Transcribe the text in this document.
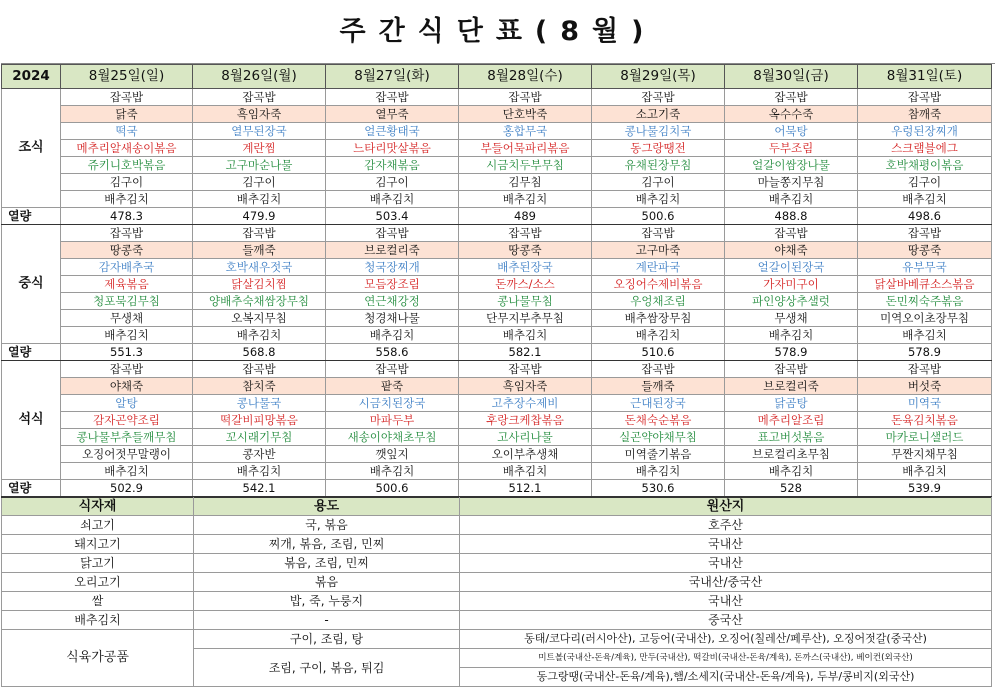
주간식단표(8월)
2024	8월25일(일)	8월26일(월)	8월27일(화)	8월28일(수)	8월29일(목)	8월30일(금)	8월31일(토)
조식	잡곡밥	잡곡밥	잡곡밥	잡곡밥	잡곡밥	잡곡밥	잡곡밥
	닭죽	흑임자죽	열무죽	단호박죽	소고기죽	옥수수죽	참깨죽
	떡국	열무된장국	얼큰황태국	홍합무국	콩나물김치국	어묵탕	우렁된장찌개
	메추리알새송이볶음	계란찜	느타리맛살볶음	부들어묵파리볶음	동그랑땡전	두부조림	스크램블에그
	쥬키니호박볶음	고구마순나물	감자채볶음	시금치두부무침	유채된장무침	얼갈이쌈장나물	호박채평이볶음
	김구이	김구이	김구이	김무침	김구이	마늘쫑지무침	김구이
	배추김치	배추김치	배추김치	배추김치	배추김치	배추김치	배추김치
열량	478.3	479.9	503.4	489	500.6	488.8	498.6
중식	잡곡밥	잡곡밥	잡곡밥	잡곡밥	잡곡밥	잡곡밥	잡곡밥
	땅콩죽	들깨죽	브로컬리죽	땅콩죽	고구마죽	야채죽	땅콩죽
	감자배추국	호박새우젓국	청국장찌개	배추된장국	계란파국	얼갈이된장국	유부무국
	제육볶음	닭살김치찜	모듬장조림	돈까스/소스	오징어수제비볶음	가자미구이	닭살바베큐소스볶음
	청포묵김무침	양배추숙채쌈장무침	연근채강정	콩나물무침	우엉채조림	파인양상추샐럿	돈민찌숙주볶음
	무생채	오복지무침	청경채나물	단무지부추무침	배추쌈장무침	무생채	미역오이초장무침
	배추김치	배추김치	배추김치	배추김치	배추김치	배추김치	배추김치
열량	551.3	568.8	558.6	582.1	510.6	578.9	578.9
석식	잡곡밥	잡곡밥	잡곡밥	잡곡밥	잡곡밥	잡곡밥	잡곡밥
	야채죽	참치죽	팥죽	흑임자죽	들깨죽	브로컬리죽	버섯죽
	알탕	콩나물국	시금치된장국	고추장수제비	근대된장국	닭곰탕	미역국
	감자곤약조림	떡갈비피망볶음	마파두부	후랑크케찹볶음	돈채숙순볶음	메추리알조림	돈육김치볶음
	콩나물부추들깨무침	꼬시래기무침	새송이야채초무침	고사리나물	실곤약야채무침	표고버섯볶음	마카로니샐러드
	오징어젓무말랭이	콩자반	깻잎지	오이부추생채	미역줄기볶음	브로컬리초무침	무짠지채무침
	배추김치	배추김치	배추김치	배추김치	배추김치	배추김치	배추김치
열량	502.9	542.1	500.6	512.1	530.6	528	539.9
식자재	용도	원산지
쇠고기	국, 볶음	호주산
돼지고기	찌개, 볶음, 조림, 민찌	국내산
닭고기	볶음, 조림, 민찌	국내산
오리고기	볶음	국내산/중국산
쌀	밥, 죽, 누룽지	국내산
배추김치	-	중국산
식육가공품	구이, 조림, 탕	동태/코다리(러시아산), 고등어(국내산), 오징어(칠레산/페루산), 오징어젓갈(중국산)
	조림, 구이, 볶음, 튀김	미트볼(국내산-돈육/계육), 만두(국내산), 떡갈비(국내산-돈육/계육), 돈까스(국내산), 베이컨(외국산)
		동그랑땡(국내산-돈육/계육),햄/소세지(국내산-돈육/계육), 두부/콩비지(외국산)
